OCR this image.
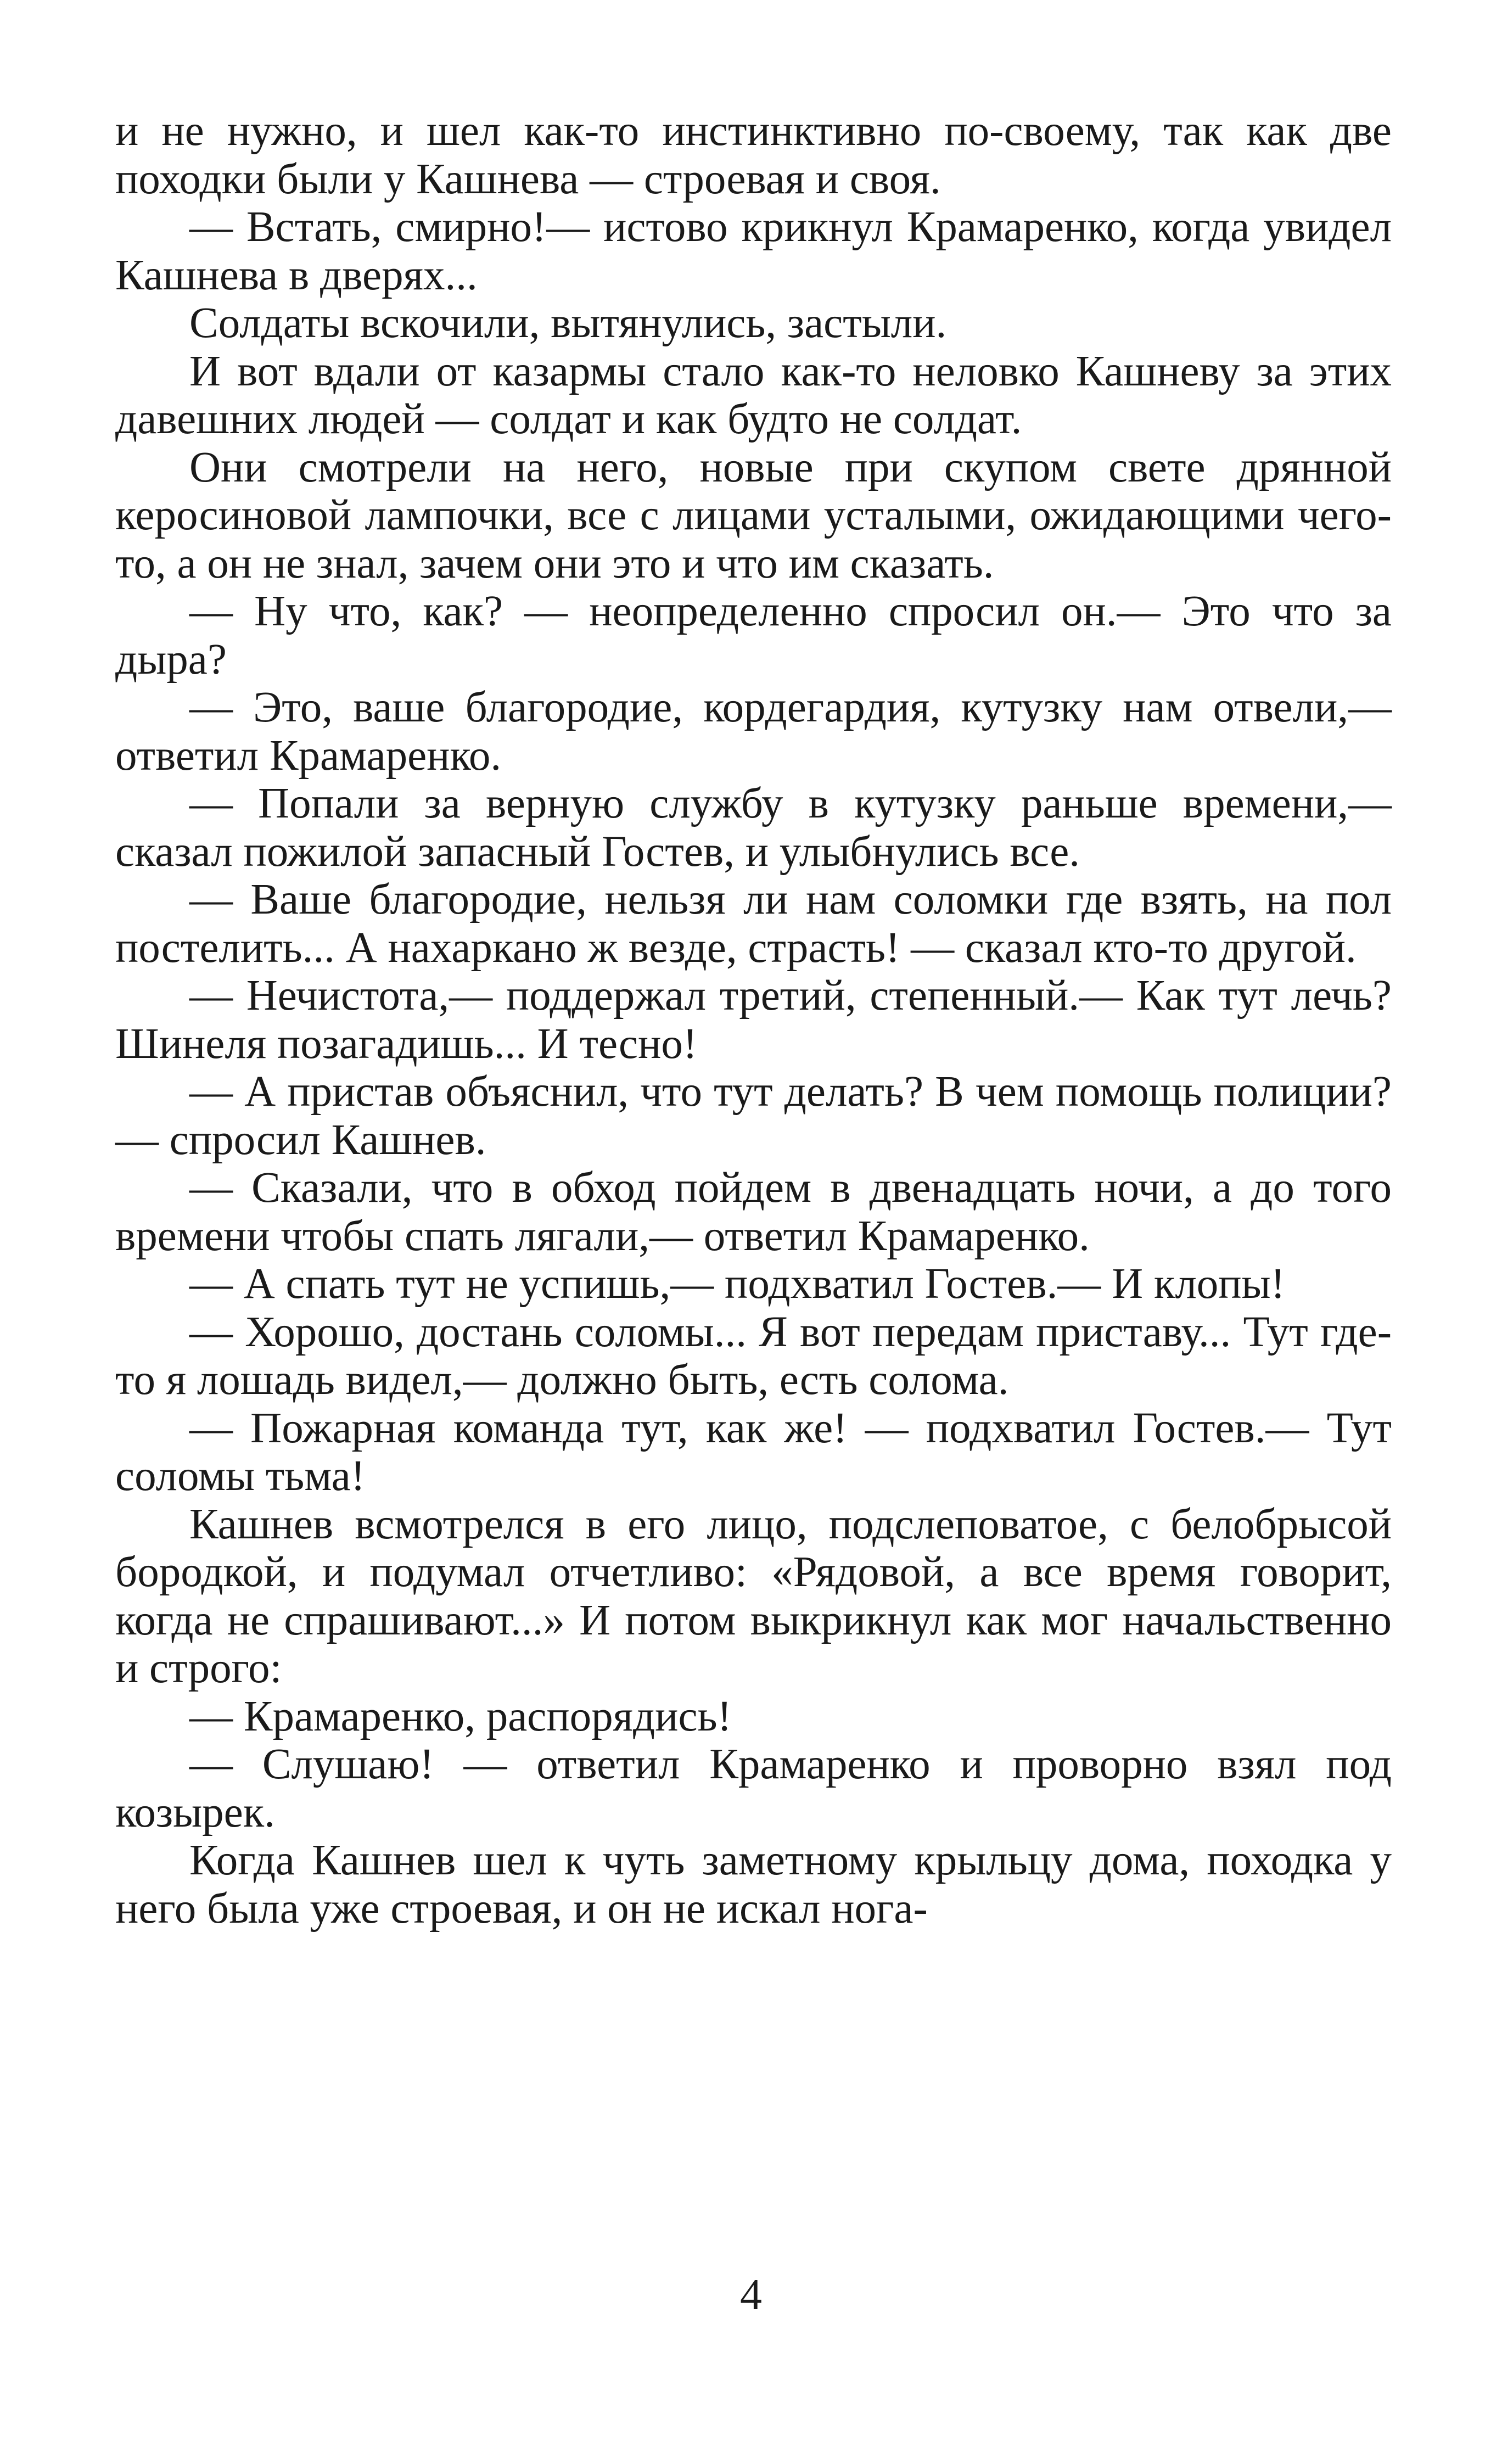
и не нужно, и шел как-то инстинктивно по-своему, так как две походки были у Кашнева — строевая и своя.

— Встать, смирно!— истово крикнул Крамаренко, когда увидел Кашнева в дверях...

Солдаты вскочили, вытянулись, застыли.

И вот вдали от казармы стало как-то неловко Кашневу за этих давешних людей — солдат и как будто не солдат.

Они смотрели на него, новые при скупом свете дрянной керосиновой лампочки, все с лицами усталыми, ожидающими чего-то, а он не знал, зачем они это и что им сказать.

— Ну что, как? — неопределенно спросил он.— Это что за дыра?

— Это, ваше благородие, кордегардия, кутузку нам отвели,— ответил Крамаренко.

— Попали за верную службу в кутузку раньше времени,— сказал пожилой запасный Гостев, и улыбнулись все.

— Ваше благородие, нельзя ли нам соломки где взять, на пол постелить... А нахаркано ж везде, страсть! — сказал кто-то другой.

— Нечистота,— поддержал третий, степенный.— Как тут лечь? Шинеля позагадишь... И тесно!

— А пристав объяснил, что тут делать? В чем помощь полиции? — спросил Кашнев.

— Сказали, что в обход пойдем в двенадцать ночи, а до того времени чтобы спать лягали,— ответил Крамаренко.

— А спать тут не успишь,— подхватил Гостев.— И клопы!

— Хорошо, достань соломы... Я вот передам приставу... Тут где-то я лошадь видел,— должно быть, есть солома.

— Пожарная команда тут, как же! — подхватил Гостев.— Тут соломы тьма!

Кашнев всмотрелся в его лицо, подслеповатое, с белобрысой бородкой, и подумал отчетливо: «Рядовой, а все время говорит, когда не спрашивают...» И потом выкрикнул как мог начальственно и строго:

— Крамаренко, распорядись!

— Слушаю! — ответил Крамаренко и проворно взял под козырек.

Когда Кашнев шел к чуть заметному крыльцу дома, походка у него была уже строевая, и он не искал нога-

4
